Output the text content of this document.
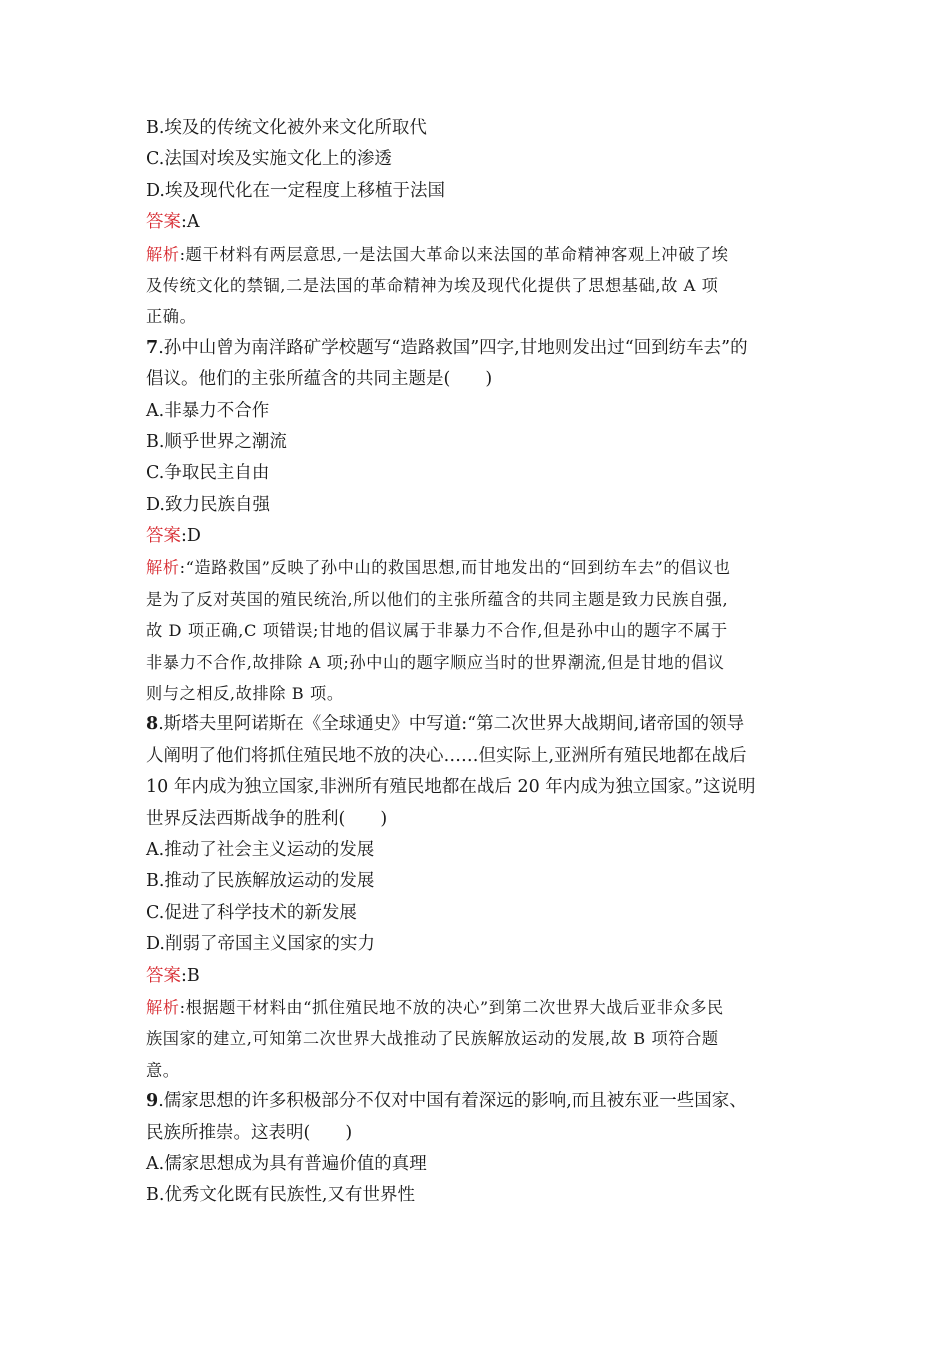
B.埃及的传统文化被外来文化所取代
C.法国对埃及实施文化上的渗透
D.埃及现代化在一定程度上移植于法国
答案:A
解析:题干材料有两层意思,一是法国大革命以来法国的革命精神客观上冲破了埃
及传统文化的禁锢,二是法国的革命精神为埃及现代化提供了思想基础,故 A 项
正确。
7.孙中山曾为南洋路矿学校题写“造路救国”四字,甘地则发出过“回到纺车去”的
倡议。他们的主张所蕴含的共同主题是(　　)
A.非暴力不合作
B.顺乎世界之潮流
C.争取民主自由
D.致力民族自强
答案:D
解析:“造路救国”反映了孙中山的救国思想,而甘地发出的“回到纺车去”的倡议也
是为了反对英国的殖民统治,所以他们的主张所蕴含的共同主题是致力民族自强,
故 D 项正确,C 项错误;甘地的倡议属于非暴力不合作,但是孙中山的题字不属于
非暴力不合作,故排除 A 项;孙中山的题字顺应当时的世界潮流,但是甘地的倡议
则与之相反,故排除 B 项。
8.斯塔夫里阿诺斯在《全球通史》中写道:“第二次世界大战期间,诸帝国的领导
人阐明了他们将抓住殖民地不放的决心……但实际上,亚洲所有殖民地都在战后
10 年内成为独立国家,非洲所有殖民地都在战后 20 年内成为独立国家。”这说明
世界反法西斯战争的胜利(　　)
A.推动了社会主义运动的发展
B.推动了民族解放运动的发展
C.促进了科学技术的新发展
D.削弱了帝国主义国家的实力
答案:B
解析:根据题干材料由“抓住殖民地不放的决心”到第二次世界大战后亚非众多民
族国家的建立,可知第二次世界大战推动了民族解放运动的发展,故 B 项符合题
意。
9.儒家思想的许多积极部分不仅对中国有着深远的影响,而且被东亚一些国家、
民族所推崇。这表明(　　)
A.儒家思想成为具有普遍价值的真理
B.优秀文化既有民族性,又有世界性
